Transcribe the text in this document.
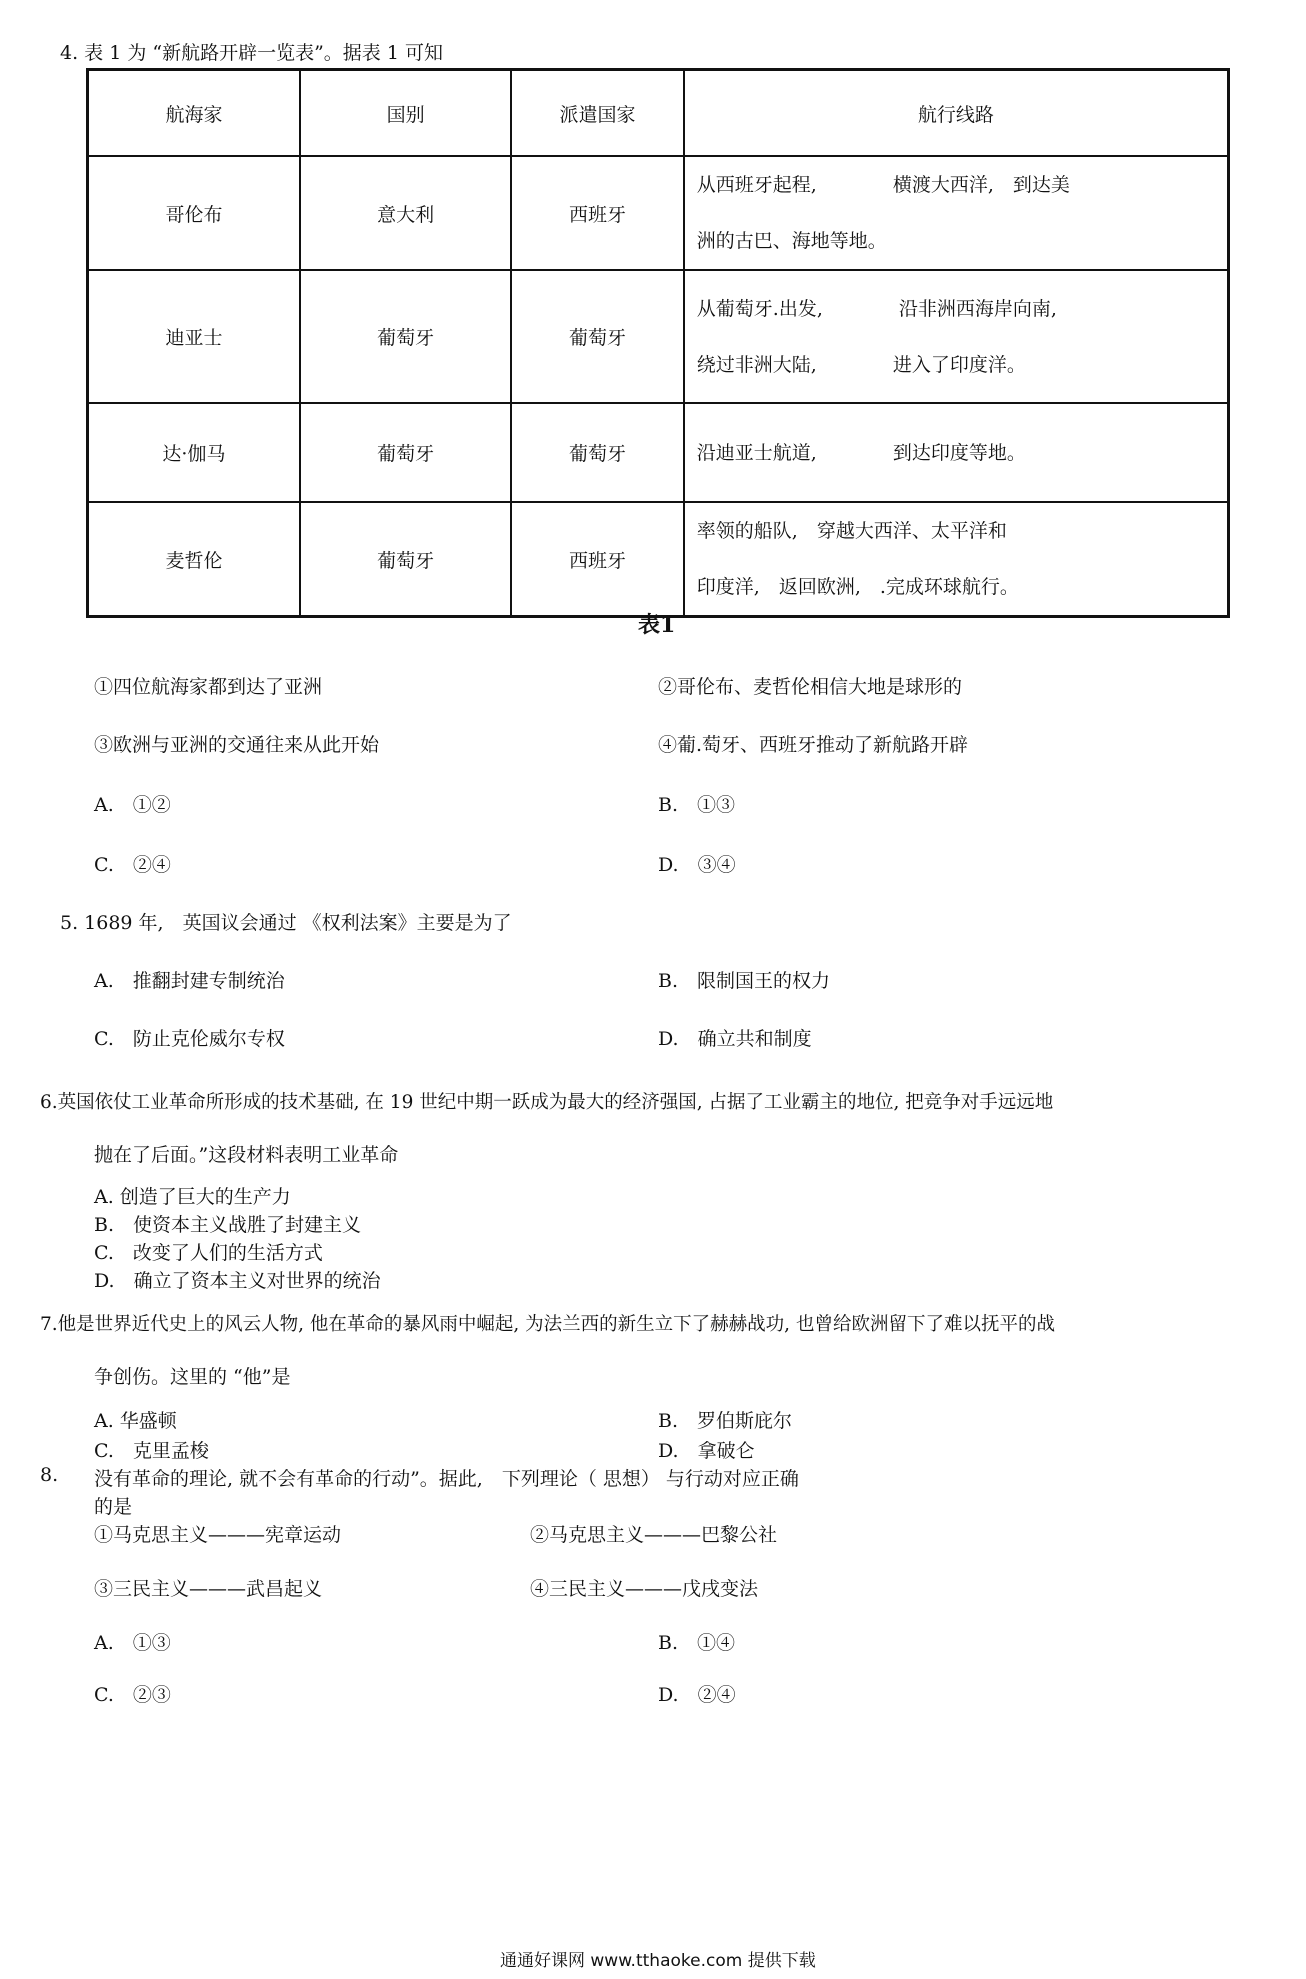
4. 表 1 为 “新航路开辟一览表”。据表 1 可知
航海家	国别	派遣国家	航行线路
哥伦布	意大利	西班牙	从西班牙起程,　　　　横渡大西洋,　到达美
洲的古巴、海地等地。

迪亚士	葡萄牙	葡萄牙	从葡萄牙.出发,　　　　沿非洲西海岸向南,
绕过非洲大陆,　　　　进入了印度洋。

达·伽马	葡萄牙	葡萄牙	沿迪亚士航道,　　　　到达印度等地。

麦哲伦	葡萄牙	西班牙	率领的船队,　穿越大西洋、太平洋和
印度洋,　返回欧洲,　.完成环球航行。
表1
①四位航海家都到达了亚洲	②哥伦布、麦哲伦相信大地是球形的
③欧洲与亚洲的交通往来从此开始	④葡.萄牙、西班牙推动了新航路开辟
A.　①②	B.　①③
C.　②④	D.　③④
5. 1689 年,　英国议会通过 《权利法案》主要是为了
A.　推翻封建专制统治	B.　限制国王的权力
C.　防止克伦威尔专权	D.　确立共和制度
6.英国依仗工业革命所形成的技术基础, 在 19 世纪中期一跃成为最大的经济强国, 占据了工业霸主的地位, 把竞争对手远远地
抛在了后面。”这段材料表明工业革命
A. 创造了巨大的生产力
B.　使资本主义战胜了封建主义
C.　改变了人们的生活方式
D.　确立了资本主义对世界的统治
7.他是世界近代史上的风云人物, 他在革命的暴风雨中崛起, 为法兰西的新生立下了赫赫战功, 也曾给欧洲留下了难以抚平的战
争创伤。这里的 “他”是
A. 华盛顿	B.　罗伯斯庇尔
C.　克里孟梭	D.　拿破仑
8. 没有革命的理论, 就不会有革命的行动”。据此,　下列理论（ 思想） 与行动对应正确
的是
①马克思主义———宪章运动	②马克思主义———巴黎公社
③三民主义———武昌起义	④三民主义———戊戌变法
A.　①③	B.　①④
C.　②③	D.　②④
通通好课网 www.tthaoke.com 提供下载
